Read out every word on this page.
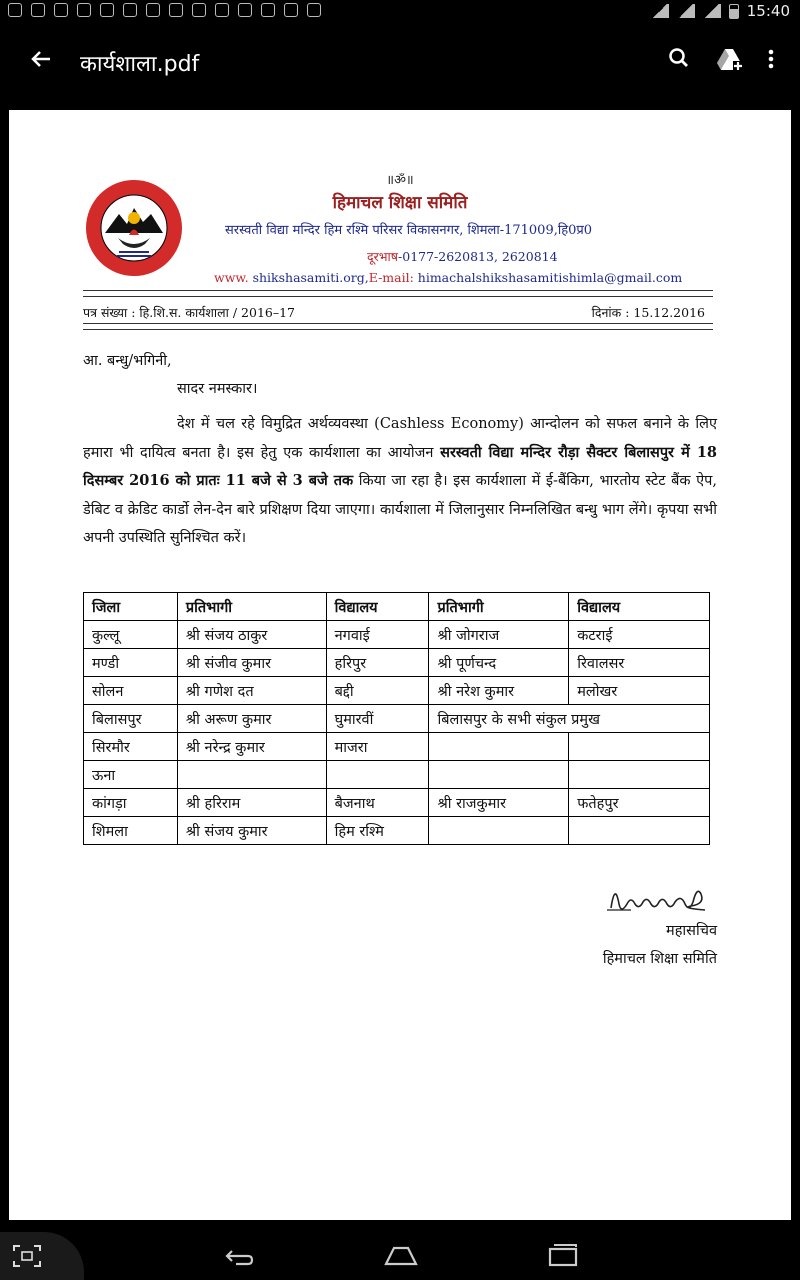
15:40
कार्यशाला.pdf
॥ॐ॥
हिमाचल शिक्षा समिति
सरस्वती विद्या मन्दिर हिम रश्मि परिसर विकासनगर, शिमला-171009,हि0प्र0
दूरभाष-0177-2620813, 2620814
www. shikshasamiti.org,E-mail: himachalshikshasamitishimla@gmail.com
पत्र संख्या : हि.शि.स. कार्यशाला / 2016–17	दिनांक : 15.12.2016
आ. बन्धु/भगिनी,
सादर नमस्कार।
देश में चल रहे विमुद्रित अर्थव्यवस्था (Cashless Economy) आन्दोलन को सफल बनाने के लिए हमारा भी दायित्व बनता है। इस हेतु एक कार्यशाला का आयोजन सरस्वती विद्या मन्दिर रौड़ा सैक्टर बिलासपुर में 18 दिसम्बर 2016 को प्रातः 11 बजे से 3 बजे तक किया जा रहा है। इस कार्यशाला में ई-बैंकिग, भारतोय स्टेट बैंक ऐप, डेबिट व क्रेडिट कार्डो लेन-देन बारे प्रशिक्षण दिया जाएगा। कार्यशाला में जिलानुसार निम्नलिखित बन्धु भाग लेंगे। कृपया सभी अपनी उपस्थिति सुनिश्चित करें।
जिला	प्रतिभागी	विद्यालय	प्रतिभागी	विद्यालय
कुल्लू	श्री संजय ठाकुर	नगवाई	श्री जोगराज	कटराई
मण्डी	श्री संजीव कुमार	हरिपुर	श्री पूर्णचन्द	रिवालसर
सोलन	श्री गणेश दत	बद्दी	श्री नरेश कुमार	मलोखर
बिलासपुर	श्री अरूण कुमार	घुमारवीं	बिलासपुर के सभी संकुल प्रमुख	
सिरमौर	श्री नरेन्द्र कुमार	माजरा		
ऊना				
कांगड़ा	श्री हरिराम	बैजनाथ	श्री राजकुमार	फतेहपुर
शिमला	श्री संजय कुमार	हिम रश्मि		
महासचिव
हिमाचल शिक्षा समिति
